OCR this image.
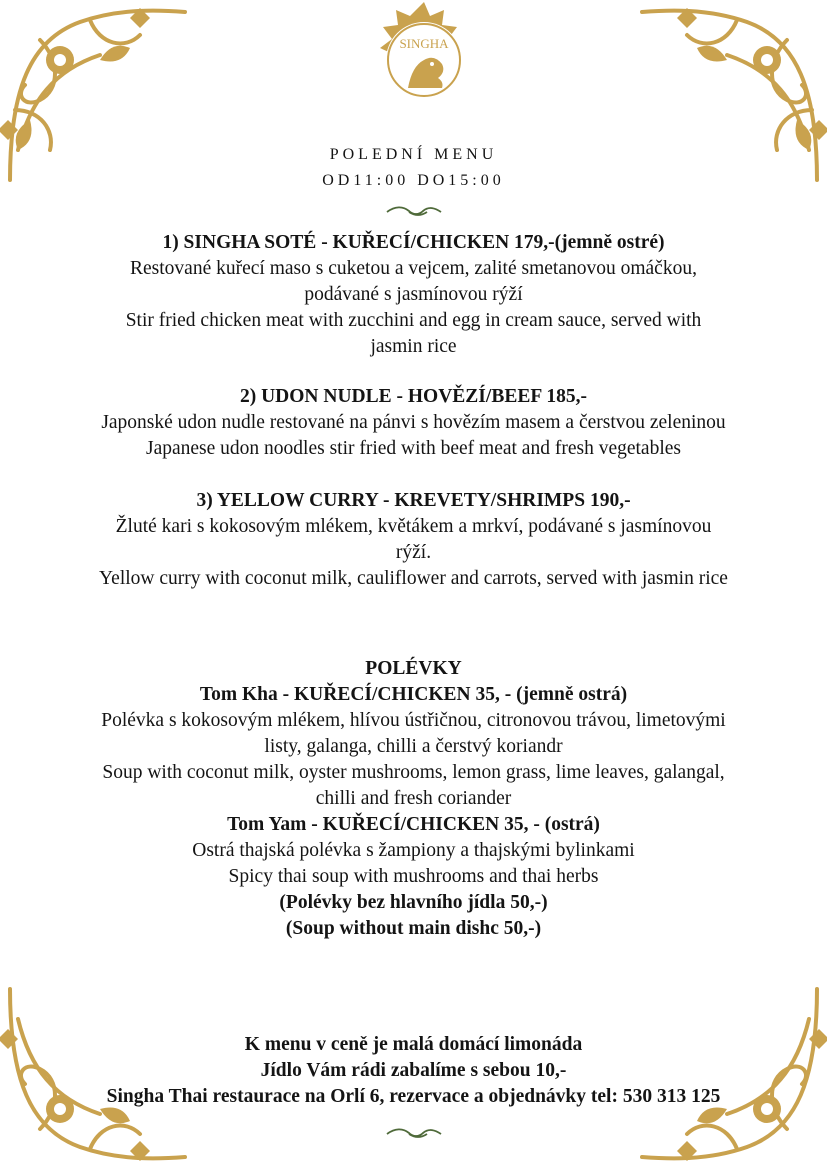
SINGHA
POLEDNÍ MENU
OD11:00 DO15:00
1) SINGHA SOTÉ - KUŘECÍ/CHICKEN 179,-(jemně ostré)
Restované kuřecí maso s cuketou a vejcem, zalité smetanovou omáčkou,
podávané s jasmínovou rýží
Stir fried chicken meat with zucchini and egg in cream sauce, served with
jasmin rice
2) UDON NUDLE - HOVĚZÍ/BEEF 185,-
Japonské udon nudle restované na pánvi s hovězím masem a čerstvou zeleninou
Japanese udon noodles stir fried with beef meat and fresh vegetables
3) YELLOW CURRY - KREVETY/SHRIMPS 190,-
Žluté kari s kokosovým mlékem, květákem a mrkví, podávané s jasmínovou
rýží.
Yellow curry with coconut milk, cauliflower and carrots, served with jasmin rice
POLÉVKY
Tom Kha - KUŘECÍ/CHICKEN 35, - (jemně ostrá)
Polévka s kokosovým mlékem, hlívou ústřičnou, citronovou trávou, limetovými
listy, galanga, chilli a čerstvý koriandr
Soup with coconut milk, oyster mushrooms, lemon grass, lime leaves, galangal,
chilli and fresh coriander
Tom Yam - KUŘECÍ/CHICKEN 35, - (ostrá)
Ostrá thajská polévka s žampiony a thajskými bylinkami
Spicy thai soup with mushrooms and thai herbs
(Polévky bez hlavního jídla 50,-)
(Soup without main dishc 50,-)
K menu v ceně je malá domácí limonáda
Jídlo Vám rádi zabalíme s sebou 10,-
Singha Thai restaurace na Orlí 6, rezervace a objednávky tel: 530 313 125
